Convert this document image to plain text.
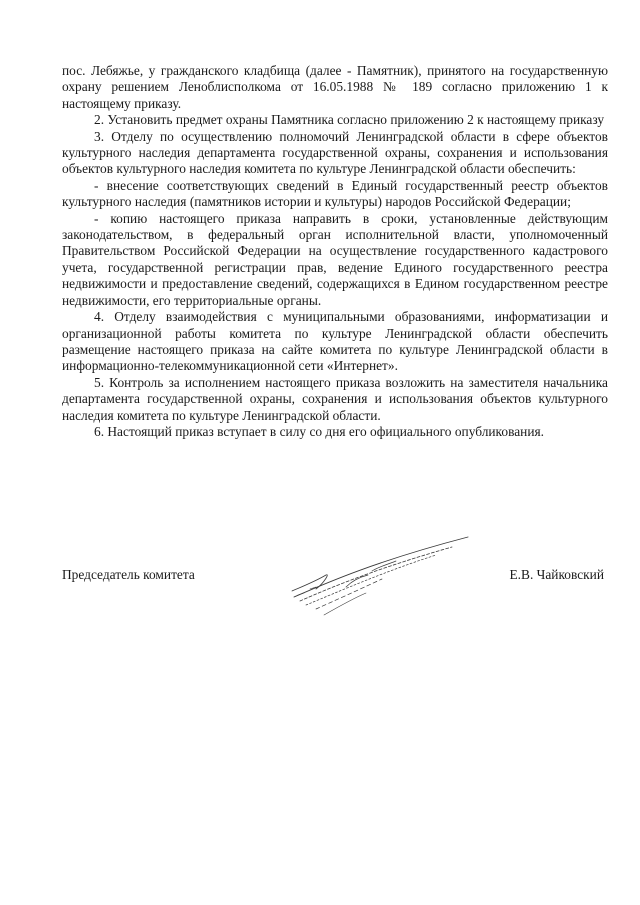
пос. Лебяжье, у гражданского кладбища (далее - Памятник), принятого на государственную охрану решением Леноблисполкома от 16.05.1988 № 189 согласно приложению 1 к настоящему приказу.

2. Установить предмет охраны Памятника согласно приложению 2 к настоящему приказу

3. Отделу по осуществлению полномочий Ленинградской области в сфере объектов культурного наследия департамента государственной охраны, сохранения и использования объектов культурного наследия комитета по культуре Ленинградской области обеспечить:

- внесение соответствующих сведений в Единый государственный реестр объектов культурного наследия (памятников истории и культуры) народов Российской Федерации;

- копию настоящего приказа направить в сроки, установленные действующим законодательством, в федеральный орган исполнительной власти, уполномоченный Правительством Российской Федерации на осуществление государственного кадастрового учета, государственной регистрации прав, ведение Единого государственного реестра недвижимости и предоставление сведений, содержащихся в Едином государственном реестре недвижимости, его территориальные органы.

4. Отделу взаимодействия с муниципальными образованиями, информатизации и организационной работы комитета по культуре Ленинградской области обеспечить размещение настоящего приказа на сайте комитета по культуре Ленинградской области в информационно-телекоммуникационной сети «Интернет».

5. Контроль за исполнением настоящего приказа возложить на заместителя начальника департамента государственной охраны, сохранения и использования объектов культурного наследия комитета по культуре Ленинградской области.

6. Настоящий приказ вступает в силу со дня его официального опубликования.

Председатель комитета	Е.В. Чайковский
